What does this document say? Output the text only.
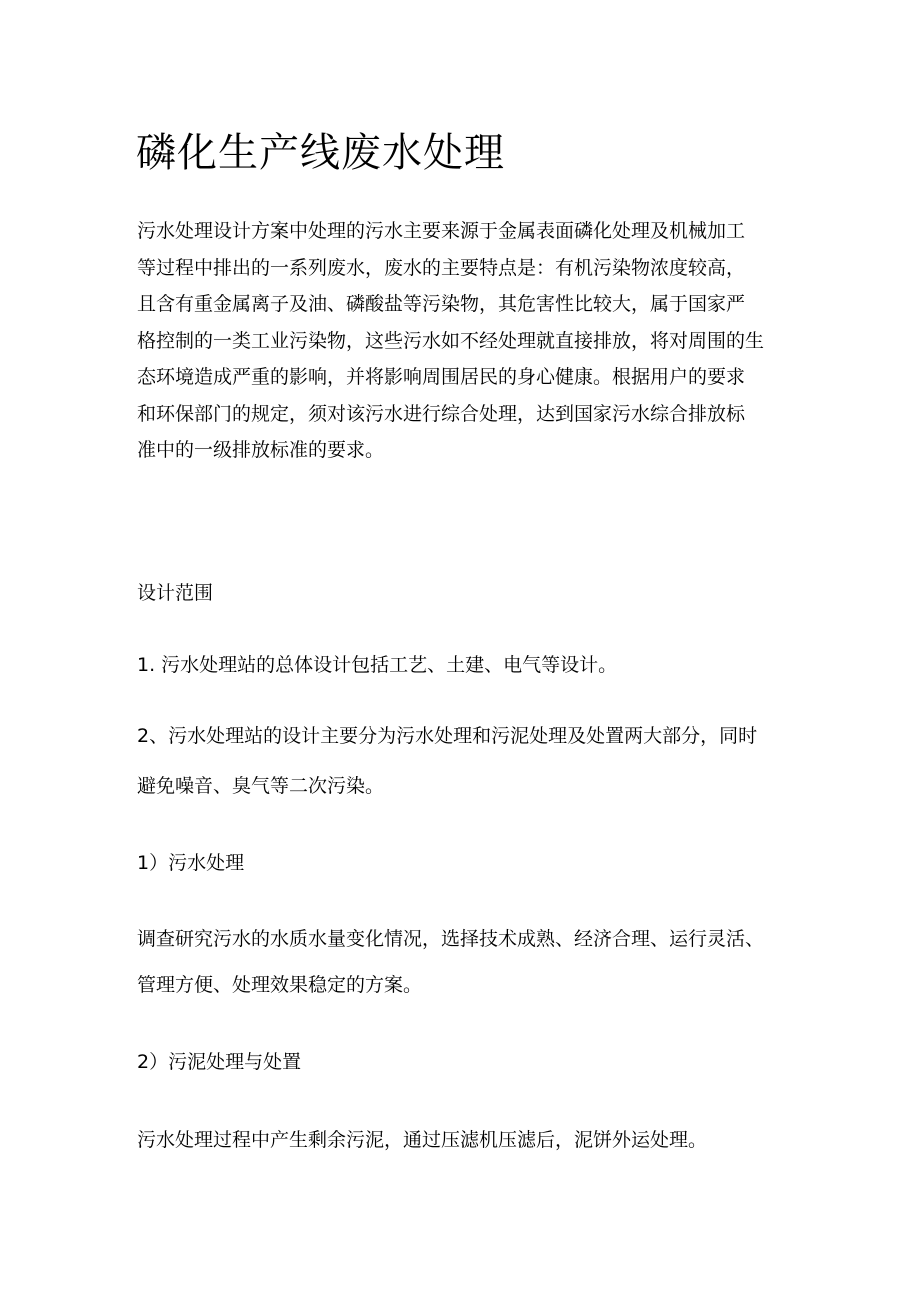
磷化生产线废水处理

污水处理设计方案中处理的污水主要来源于金属表面磷化处理及机械加工
等过程中排出的一系列废水，废水的主要特点是：有机污染物浓度较高，
且含有重金属离子及油、磷酸盐等污染物，其危害性比较大，属于国家严
格控制的一类工业污染物，这些污水如不经处理就直接排放，将对周围的生
态环境造成严重的影响，并将影响周围居民的身心健康。根据用户的要求
和环保部门的规定，须对该污水进行综合处理，达到国家污水综合排放标
准中的一级排放标准的要求。

设计范围

1. 污水处理站的总体设计包括工艺、土建、电气等设计。

2、污水处理站的设计主要分为污水处理和污泥处理及处置两大部分，同时

避免噪音、臭气等二次污染。

1）污水处理

调查研究污水的水质水量变化情况，选择技术成熟、经济合理、运行灵活、

管理方便、处理效果稳定的方案。

2）污泥处理与处置

污水处理过程中产生剩余污泥，通过压滤机压滤后，泥饼外运处理。
